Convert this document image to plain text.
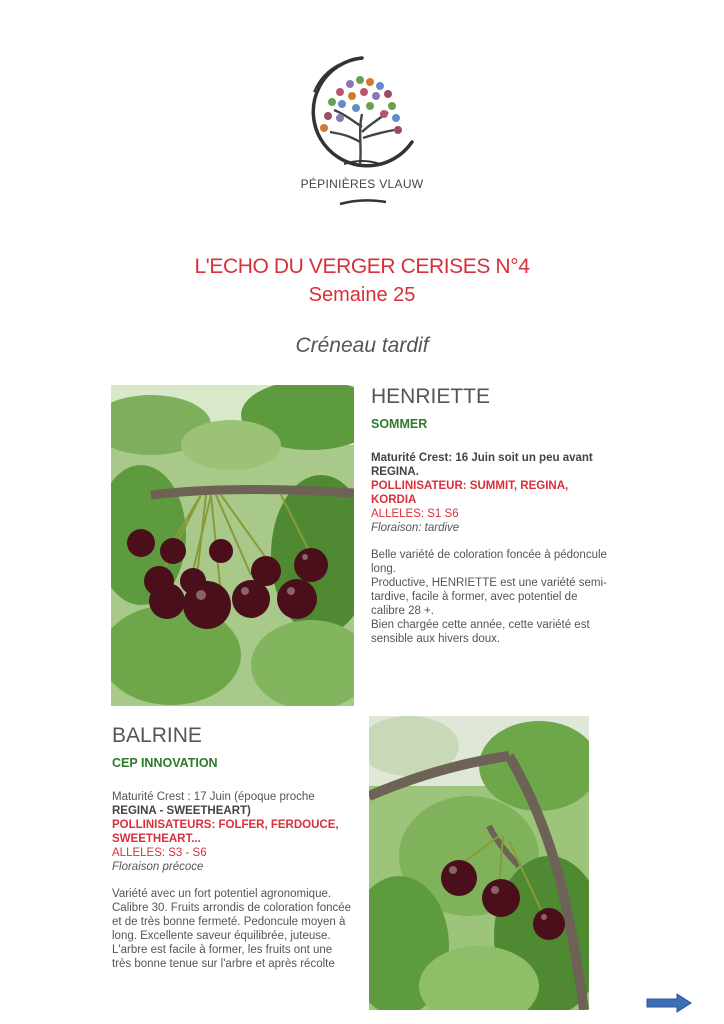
PÉPINIÈRES VLAUW
L'ECHO DU VERGER CERISES N°4
Semaine 25
Créneau tardif
HENRIETTE
SOMMER
Maturité Crest: 16 Juin soit un peu avant REGINA.
POLLINISATEUR: SUMMIT, REGINA, KORDIA
ALLELES: S1 S6
Floraison: tardive
Belle variété de coloration foncée à pédoncule long.
Productive, HENRIETTE est une variété semi-tardive, facile à former, avec potentiel de calibre 28 +.
Bien chargée cette année, cette variété est sensible aux hivers doux.
BALRINE
CEP INNOVATION
Maturité Crest : 17 Juin (époque proche
REGINA - SWEETHEART)
POLLINISATEURS: FOLFER, FERDOUCE, SWEETHEART...
ALLELES: S3 - S6
Floraison précoce
Variété avec un fort potentiel agronomique. Calibre 30. Fruits arrondis de coloration foncée et de très bonne fermeté. Pedoncule moyen à long. Excellente saveur équilibrée, juteuse. L'arbre est facile à former, les fruits ont une très bonne tenue sur l'arbre et après récolte
